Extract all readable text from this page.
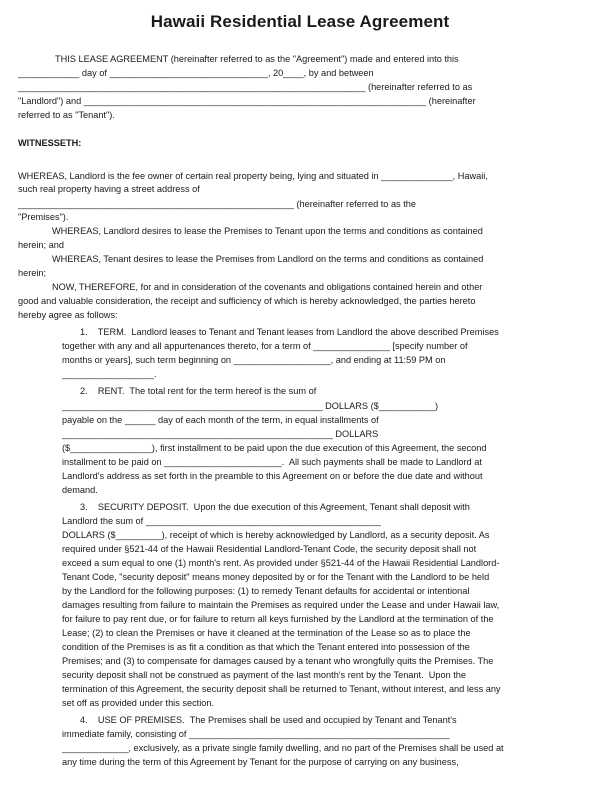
Hawaii Residential Lease Agreement
THIS LEASE AGREEMENT (hereinafter referred to as the "Agreement") made and entered into this
____________ day of _______________________________, 20____, by and between
____________________________________________________________________ (hereinafter referred to as
"Landlord") and ___________________________________________________________________ (hereinafter
referred to as "Tenant").
WITNESSETH:
WHEREAS, Landlord is the fee owner of certain real property being, lying and situated in ______________, Hawaii,
such real property having a street address of
______________________________________________________ (hereinafter referred to as the
"Premises").
WHEREAS, Landlord desires to lease the Premises to Tenant upon the terms and conditions as contained
herein; and
WHEREAS, Tenant desires to lease the Premises from Landlord on the terms and conditions as contained
herein;
NOW, THEREFORE, for and in consideration of the covenants and obligations contained herein and other
good and valuable consideration, the receipt and sufficiency of which is hereby acknowledged, the parties hereto
hereby agree as follows:
1.    TERM.  Landlord leases to Tenant and Tenant leases from Landlord the above described Premises
together with any and all appurtenances thereto, for a term of _______________ [specify number of
months or years], such term beginning on ___________________, and ending at 11:59 PM on
__________________.
2.    RENT.  The total rent for the term hereof is the sum of
___________________________________________________ DOLLARS ($___________)
payable on the ______ day of each month of the term, in equal installments of
_____________________________________________________ DOLLARS
($________________), first installment to be paid upon the due execution of this Agreement, the second
installment to be paid on _______________________.  All such payments shall be made to Landlord at
Landlord's address as set forth in the preamble to this Agreement on or before the due date and without
demand.
3.    SECURITY DEPOSIT.  Upon the due execution of this Agreement, Tenant shall deposit with
Landlord the sum of ______________________________________________
DOLLARS ($_________), receipt of which is hereby acknowledged by Landlord, as a security deposit. As
required under §521-44 of the Hawaii Residential Landlord-Tenant Code, the security deposit shall not
exceed a sum equal to one (1) month's rent. As provided under §521-44 of the Hawaii Residential Landlord-
Tenant Code, "security deposit" means money deposited by or for the Tenant with the Landlord to be held
by the Landlord for the following purposes: (1) to remedy Tenant defaults for accidental or intentional
damages resulting from failure to maintain the Premises as required under the Lease and under Hawaii law,
for failure to pay rent due, or for failure to return all keys furnished by the Landlord at the termination of the
Lease; (2) to clean the Premises or have it cleaned at the termination of the Lease so as to place the
condition of the Premises is as fit a condition as that which the Tenant entered into possession of the
Premises; and (3) to compensate for damages caused by a tenant who wrongfully quits the Premises. The
security deposit shall not be construed as payment of the last month's rent by the Tenant.  Upon the
termination of this Agreement, the security deposit shall be returned to Tenant, without interest, and less any
set off as provided under this section.
4.    USE OF PREMISES.  The Premises shall be used and occupied by Tenant and Tenant's
immediate family, consisting of ___________________________________________________
_____________, exclusively, as a private single family dwelling, and no part of the Premises shall be used at
any time during the term of this Agreement by Tenant for the purpose of carrying on any business,
